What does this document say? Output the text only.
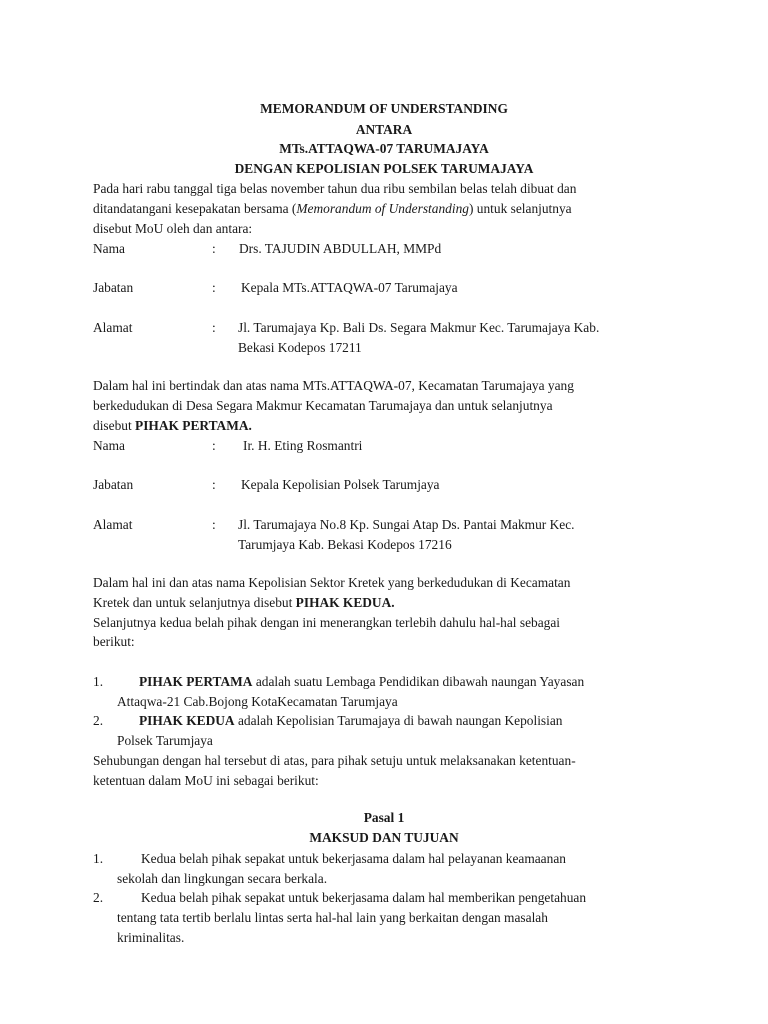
MEMORANDUM OF UNDERSTANDING
ANTARA
MTs.ATTAQWA-07 TARUMAJAYA
DENGAN KEPOLISIAN POLSEK TARUMAJAYA
Pada hari rabu tanggal tiga belas november tahun dua ribu sembilan belas telah dibuat dan
ditandatangani kesepakatan bersama (Memorandum of Understanding) untuk selanjutnya
disebut MoU oleh dan antara:
Nama	: Drs. TAJUDIN ABDULLAH, MMPd
Jabatan	: Kepala MTs.ATTAQWA-07 Tarumajaya
Alamat	: Jl. Tarumajaya Kp. Bali Ds. Segara Makmur Kec. Tarumajaya Kab.
Bekasi Kodepos 17211
Dalam hal ini bertindak dan atas nama MTs.ATTAQWA-07, Kecamatan Tarumajaya yang
berkedudukan di Desa Segara Makmur Kecamatan Tarumajaya dan untuk selanjutnya
disebut PIHAK PERTAMA.
Nama	: Ir. H. Eting Rosmantri
Jabatan	: Kepala Kepolisian Polsek Tarumjaya
Alamat	: Jl. Tarumajaya No.8 Kp. Sungai Atap Ds. Pantai Makmur Kec.
Tarumjaya Kab. Bekasi Kodepos 17216
Dalam hal ini dan atas nama Kepolisian Sektor Kretek yang berkedudukan di Kecamatan
Kretek dan untuk selanjutnya disebut PIHAK KEDUA.
Selanjutnya kedua belah pihak dengan ini menerangkan terlebih dahulu hal-hal sebagai
berikut:
1.	PIHAK PERTAMA adalah suatu Lembaga Pendidikan dibawah naungan Yayasan
Attaqwa-21 Cab.Bojong KotaKecamatan Tarumjaya
2.	PIHAK KEDUA adalah Kepolisian Tarumajaya di bawah naungan Kepolisian
Polsek Tarumjaya
Sehubungan dengan hal tersebut di atas, para pihak setuju untuk melaksanakan ketentuan-
ketentuan dalam MoU ini sebagai berikut:
Pasal 1
MAKSUD DAN TUJUAN
1.	Kedua belah pihak sepakat untuk bekerjasama dalam hal pelayanan keamaanan
sekolah dan lingkungan secara berkala.
2.	Kedua belah pihak sepakat untuk bekerjasama dalam hal memberikan pengetahuan
tentang tata tertib berlalu lintas serta hal-hal lain yang berkaitan dengan masalah
kriminalitas.
